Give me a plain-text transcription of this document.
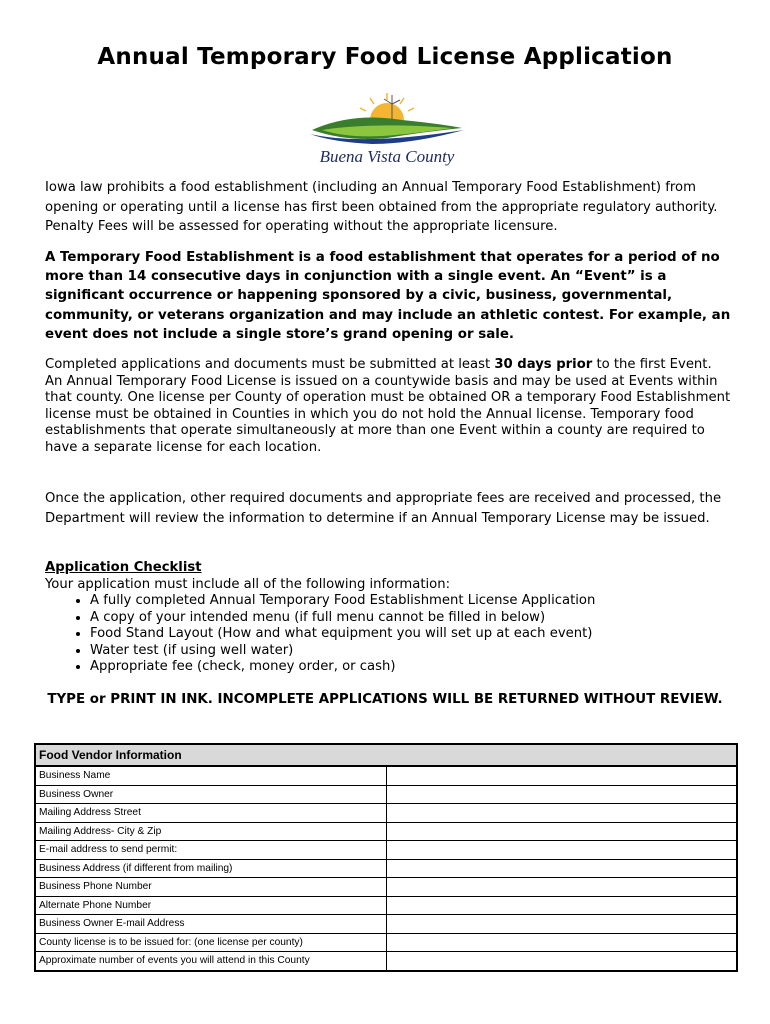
Annual Temporary Food License Application
Buena Vista County
Iowa law prohibits a food establishment (including an Annual Temporary Food Establishment) from opening or operating until a license has first been obtained from the appropriate regulatory authority. Penalty Fees will be assessed for operating without the appropriate licensure.
A Temporary Food Establishment is a food establishment that operates for a period of no more than 14 consecutive days in conjunction with a single event. An “Event” is a significant occurrence or happening sponsored by a civic, business, governmental, community, or veterans organization and may include an athletic contest. For example, an event does not include a single store’s grand opening or sale.
Completed applications and documents must be submitted at least 30 days prior to the first Event.
An Annual Temporary Food License is issued on a countywide basis and may be used at Events within that county. One license per County of operation must be obtained OR a temporary Food Establishment license must be obtained in Counties in which you do not hold the Annual license. Temporary food establishments that operate simultaneously at more than one Event within a county are required to have a separate license for each location.
Once the application, other required documents and appropriate fees are received and processed, the Department will review the information to determine if an Annual Temporary License may be issued.
Application Checklist
Your application must include all of the following information:
• A fully completed Annual Temporary Food Establishment License Application
• A copy of your intended menu (if full menu cannot be filled in below)
• Food Stand Layout (How and what equipment you will set up at each event)
• Water test (if using well water)
• Appropriate fee (check, money order, or cash)
TYPE or PRINT IN INK. INCOMPLETE APPLICATIONS WILL BE RETURNED WITHOUT REVIEW.
Food Vendor Information	
Business Name	
Business Owner	
Mailing Address Street	
Mailing Address- City & Zip	
E-mail address to send permit:	
Business Address (if different from mailing)	
Business Phone Number	
Alternate Phone Number	
Business Owner E-mail Address	
County license is to be issued for: (one license per county)	
Approximate number of events you will attend in this County	
